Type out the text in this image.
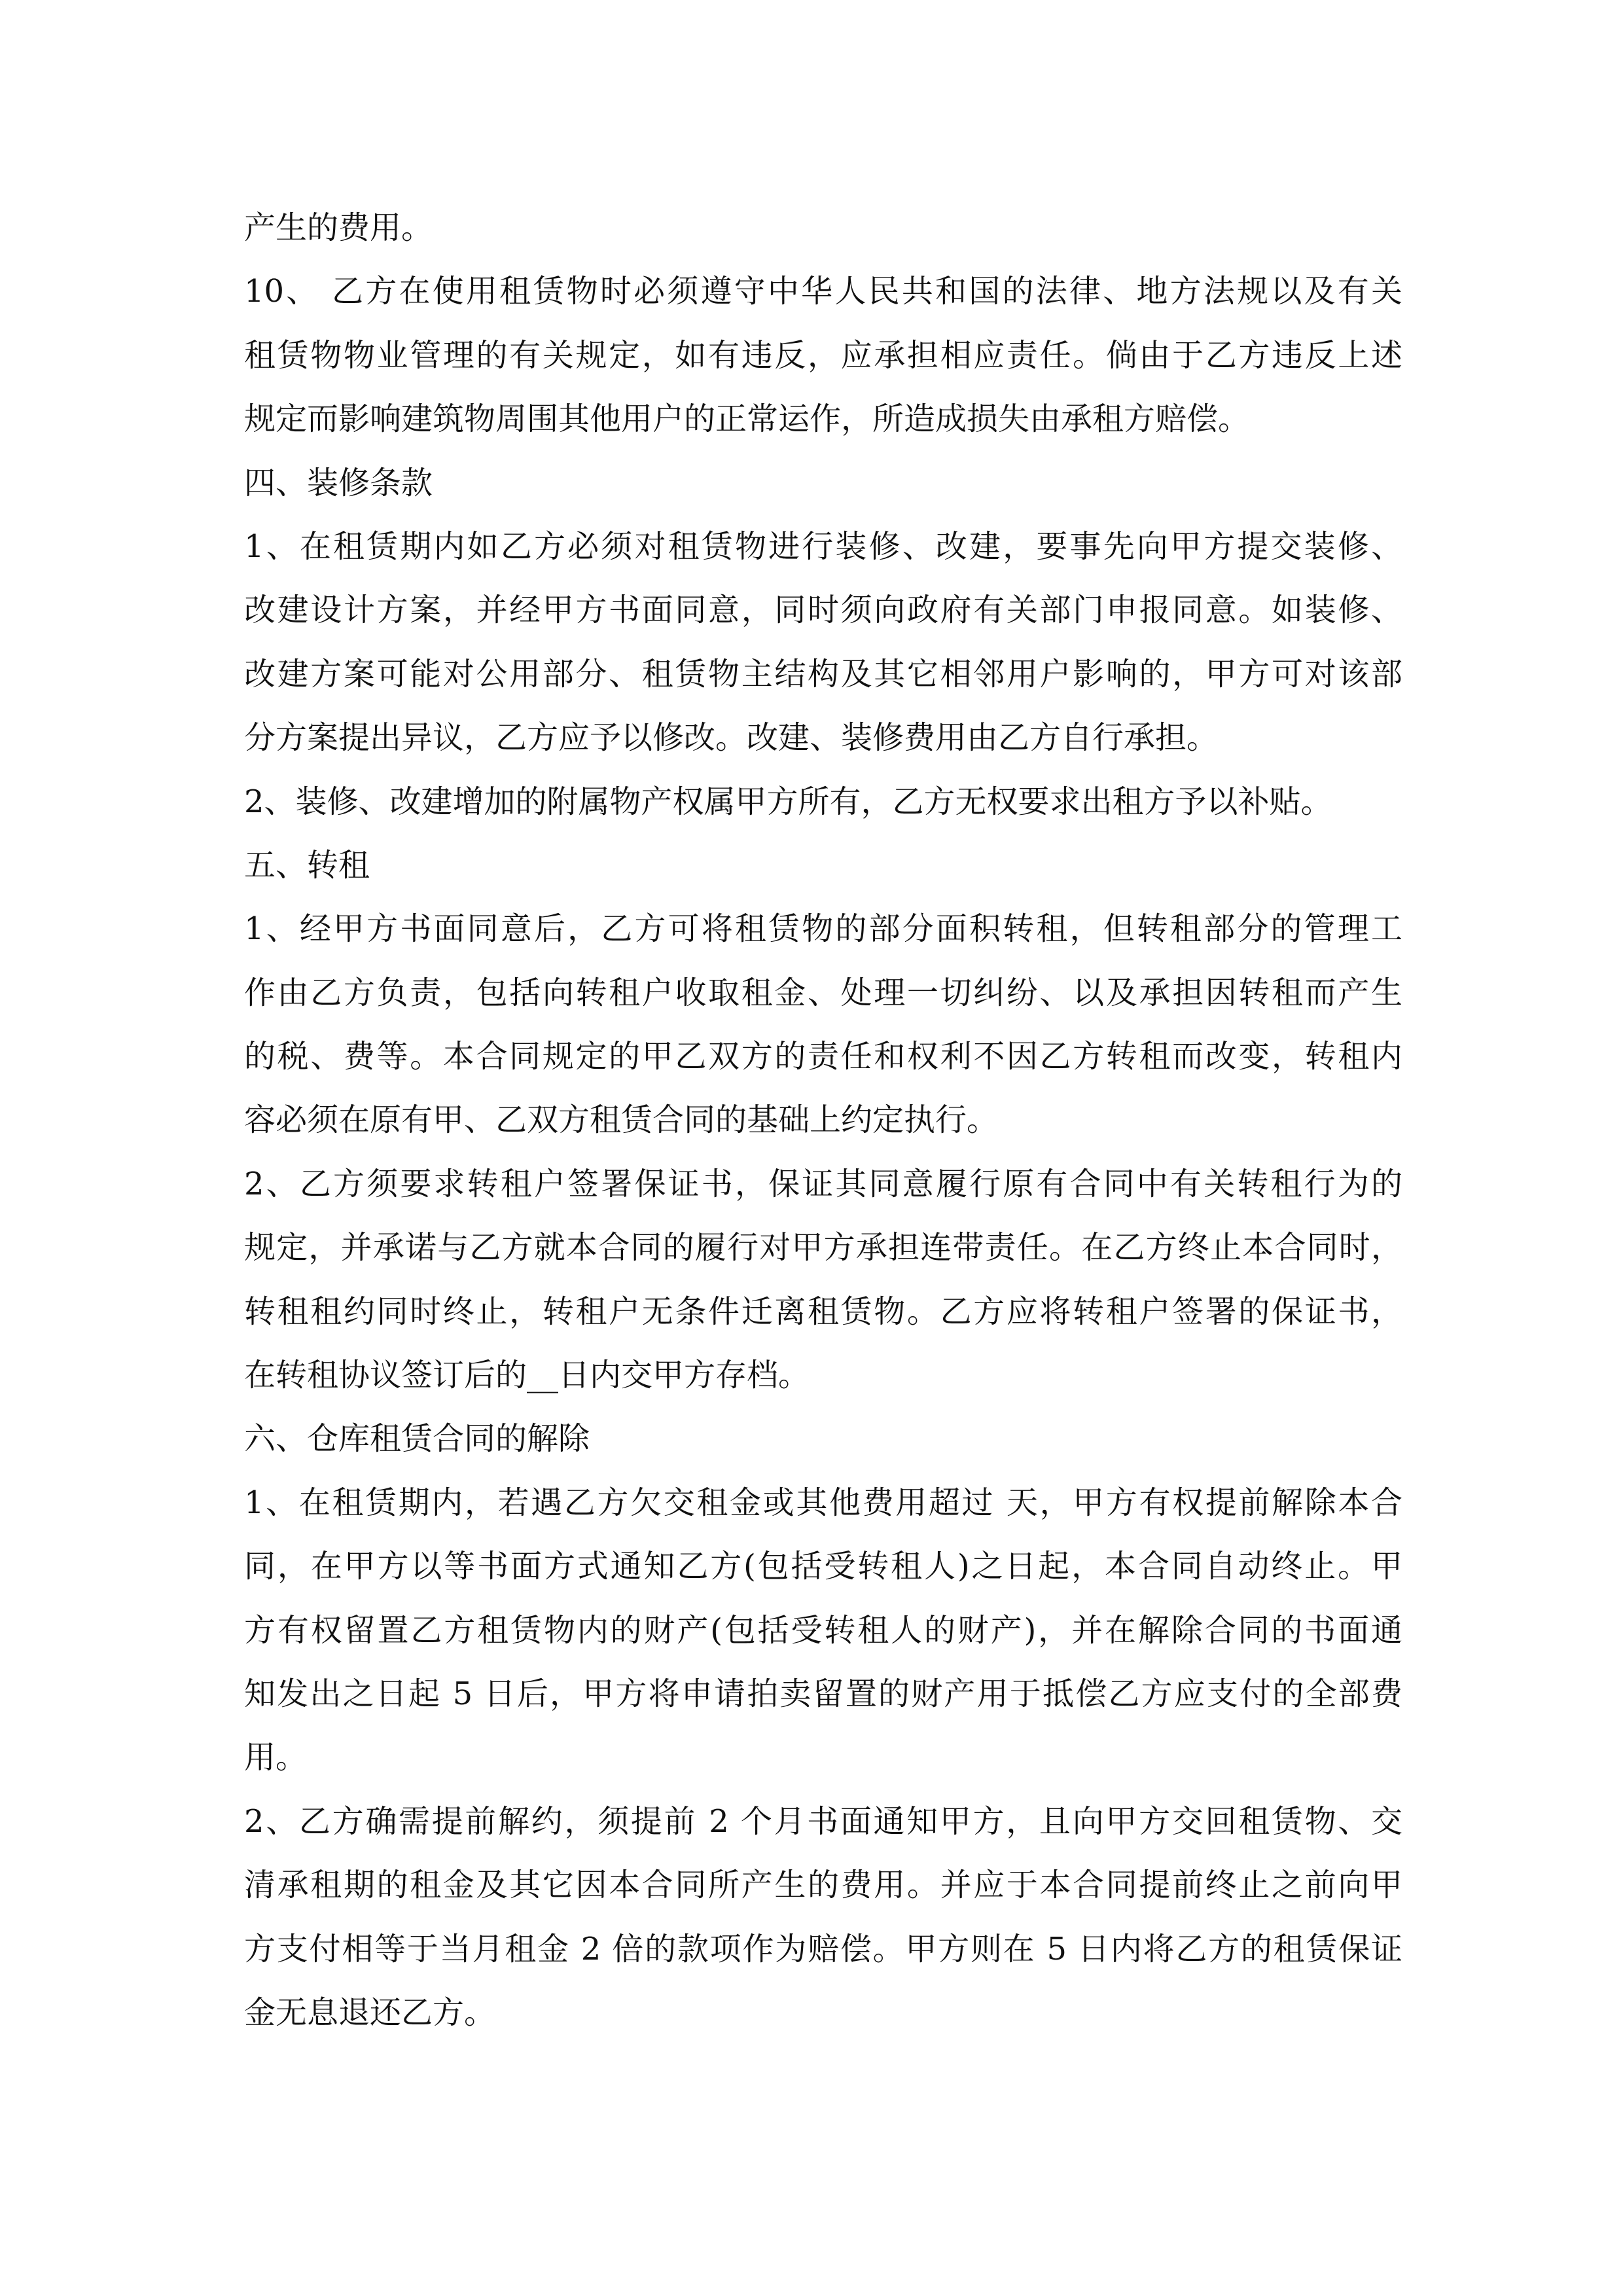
产生的费用。
10、 乙方在使用租赁物时必须遵守中华人民共和国的法律、地方法规以及有关
租赁物物业管理的有关规定，如有违反，应承担相应责任。倘由于乙方违反上述
规定而影响建筑物周围其他用户的正常运作，所造成损失由承租方赔偿。
四、装修条款
1、在租赁期内如乙方必须对租赁物进行装修、改建，要事先向甲方提交装修、
改建设计方案，并经甲方书面同意，同时须向政府有关部门申报同意。如装修、
改建方案可能对公用部分、租赁物主结构及其它相邻用户影响的，甲方可对该部
分方案提出异议，乙方应予以修改。改建、装修费用由乙方自行承担。
2、装修、改建增加的附属物产权属甲方所有，乙方无权要求出租方予以补贴。
五、转租
1、经甲方书面同意后，乙方可将租赁物的部分面积转租，但转租部分的管理工
作由乙方负责，包括向转租户收取租金、处理一切纠纷、以及承担因转租而产生
的税、费等。本合同规定的甲乙双方的责任和权利不因乙方转租而改变，转租内
容必须在原有甲、乙双方租赁合同的基础上约定执行。
2、乙方须要求转租户签署保证书，保证其同意履行原有合同中有关转租行为的
规定，并承诺与乙方就本合同的履行对甲方承担连带责任。在乙方终止本合同时，
转租租约同时终止，转租户无条件迁离租赁物。乙方应将转租户签署的保证书，
在转租协议签订后的__日内交甲方存档。
六、仓库租赁合同的解除
1、在租赁期内，若遇乙方欠交租金或其他费用超过 天，甲方有权提前解除本合
同，在甲方以等书面方式通知乙方(包括受转租人)之日起，本合同自动终止。甲
方有权留置乙方租赁物内的财产(包括受转租人的财产)，并在解除合同的书面通
知发出之日起 5 日后，甲方将申请拍卖留置的财产用于抵偿乙方应支付的全部费
用。
2、乙方确需提前解约，须提前 2 个月书面通知甲方，且向甲方交回租赁物、交
清承租期的租金及其它因本合同所产生的费用。并应于本合同提前终止之前向甲
方支付相等于当月租金 2 倍的款项作为赔偿。甲方则在 5 日内将乙方的租赁保证
金无息退还乙方。
